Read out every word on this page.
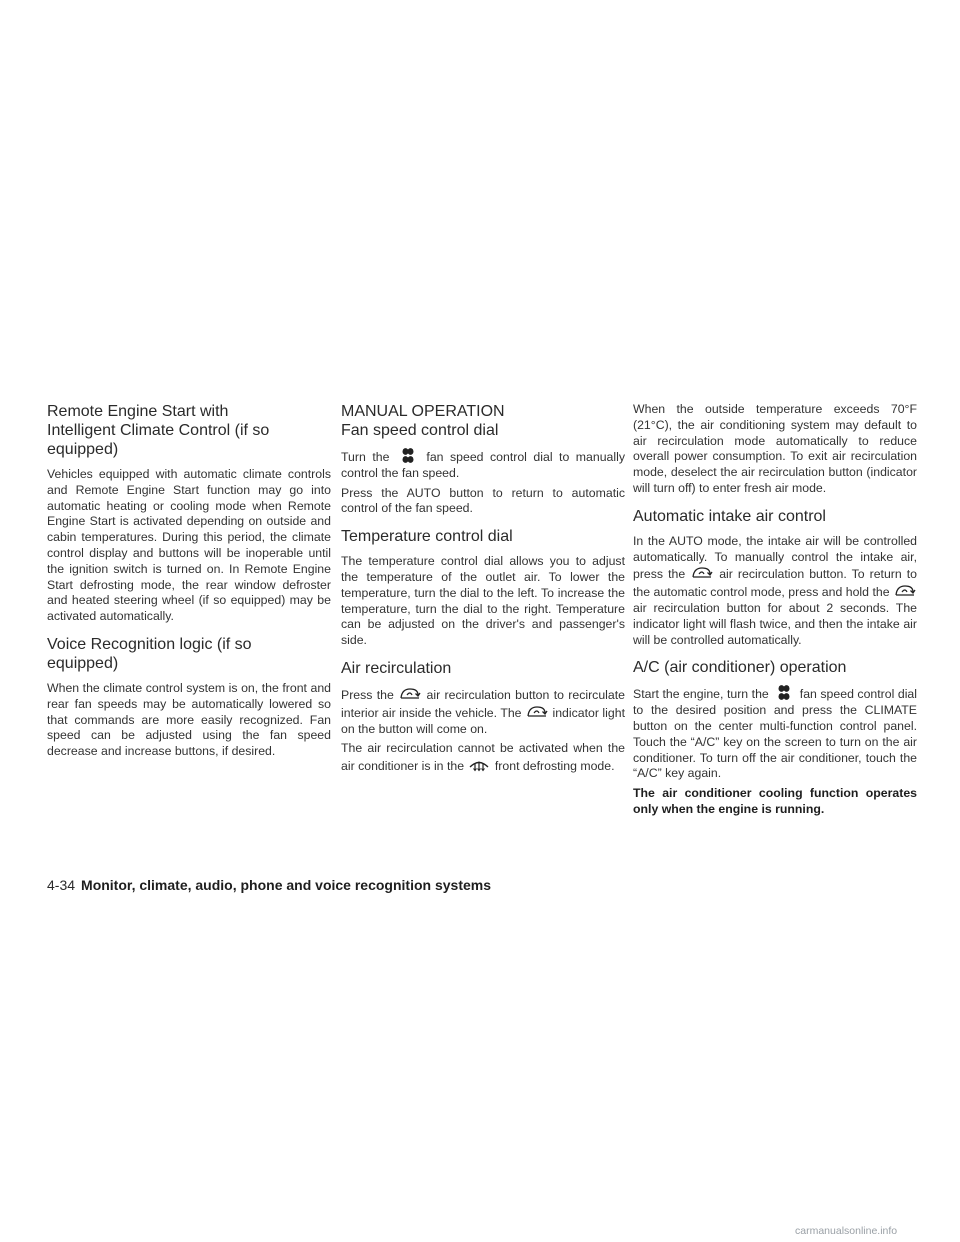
Remote Engine Start with
Intelligent Climate Control (if so
equipped)

Vehicles equipped with automatic climate controls and Remote Engine Start function may go into automatic heating or cooling mode when Remote Engine Start is activated depending on outside and cabin temperatures. During this period, the climate control display and buttons will be inoperable until the ignition switch is turned on. In Remote Engine Start defrosting mode, the rear window defroster and heated steering wheel (if so equipped) may be activated automatically.

Voice Recognition logic (if so
equipped)

When the climate control system is on, the front and rear fan speeds may be automatically lowered so that commands are more easily recognized. Fan speed can be adjusted using the fan speed decrease and increase buttons, if desired.

MANUAL OPERATION
Fan speed control dial

Turn the	fan speed control dial to manually control the fan speed.

Press the AUTO button to return to automatic control of the fan speed.

Temperature control dial

The temperature control dial allows you to adjust the temperature of the outlet air. To lower the temperature, turn the dial to the left. To increase the temperature, turn the dial to the right. Temperature can be adjusted on the driver's and passenger's side.

Air recirculation

Press the	air recirculation button to recirculate interior air inside the vehicle. The	indicator light on the button will come on.

The air recirculation cannot be activated when the air conditioner is in the	front defrosting mode.

When the outside temperature exceeds 70°F (21°C), the air conditioning system may default to air recirculation mode automatically to reduce overall power consumption. To exit air recirculation mode, deselect the air recirculation button (indicator will turn off) to enter fresh air mode.

Automatic intake air control

In the AUTO mode, the intake air will be controlled automatically. To manually control the intake air, press the	air recirculation button. To return to the automatic control mode, press and hold the
air recirculation button for about 2 seconds. The indicator light will flash twice, and then the intake air will be controlled automatically.

A/C (air conditioner) operation

Start the engine, turn the	fan speed control dial to the desired position and press the CLIMATE button on the center multi-function control panel. Touch the “A/C” key on the screen to turn on the air conditioner. To turn off the air conditioner, touch the “A/C” key again.

The air conditioner cooling function operates only when the engine is running.

4-34 Monitor, climate, audio, phone and voice recognition systems
carmanualsonline.info
